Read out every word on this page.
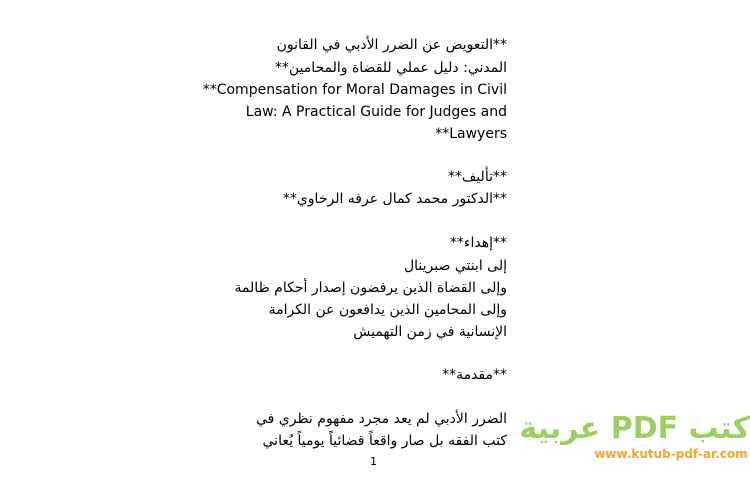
**التعويض عن الضرر الأدبي في القانون
المدني: دليل عملي للقضاة والمحامين**
**Compensation for Moral Damages in Civil
Law: A Practical Guide for Judges and
**Lawyers
**تأليف**
**الدكتور محمد كمال عرفه الرخاوي**
**إهداء**
إلى ابنتي صبرينال
وإلى القضاة الذين يرفضون إصدار أحكام ظالمة
وإلى المحامين الذين يدافعون عن الكرامة
الإنسانية في زمن التهميش
**مقدمة**
الضرر الأدبي لم يعد مجرد مفهوم نظري في
كتب الفقه بل صار واقعاً قضائياً يومياً يُعاني
1
كتب PDF عربية
www.kutub-pdf-ar.com
